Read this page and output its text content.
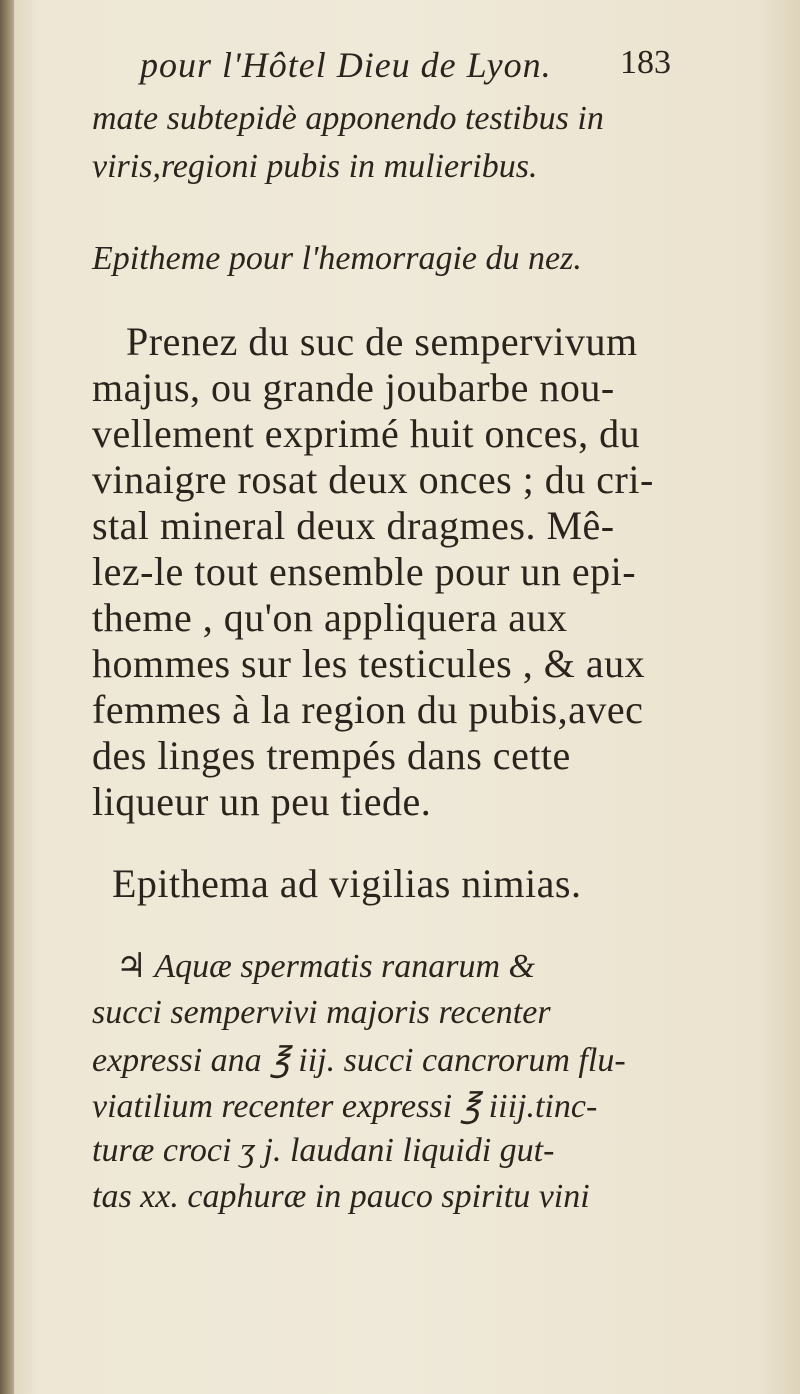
pour l'Hôtel Dieu de Lyon. 183

mate subtepidè apponendo testibus in

viris,regioni pubis in mulieribus.

Epitheme pour l'hemorragie du nez.

Prenez du suc de sempervivum

majus, ou grande joubarbe nou-

vellement exprimé huit onces, du

vinaigre rosat deux onces ; du cri-

stal mineral deux dragmes. Mê-

lez-le tout ensemble pour un epi-

theme , qu'on appliquera aux

hommes sur les testicules , & aux

femmes à la region du pubis,avec

des linges trempés dans cette

liqueur un peu tiede.

Epithema ad vigilias nimias.

♃ Aquæ spermatis ranarum &

succi sempervivi majoris recenter

expressi ana ℥ iij. succi cancrorum flu-

viatilium recenter expressi ℥ iiij.tinc-

turæ croci ʒ j. laudani liquidi gut-

tas xx. caphuræ in pauco spiritu vini
